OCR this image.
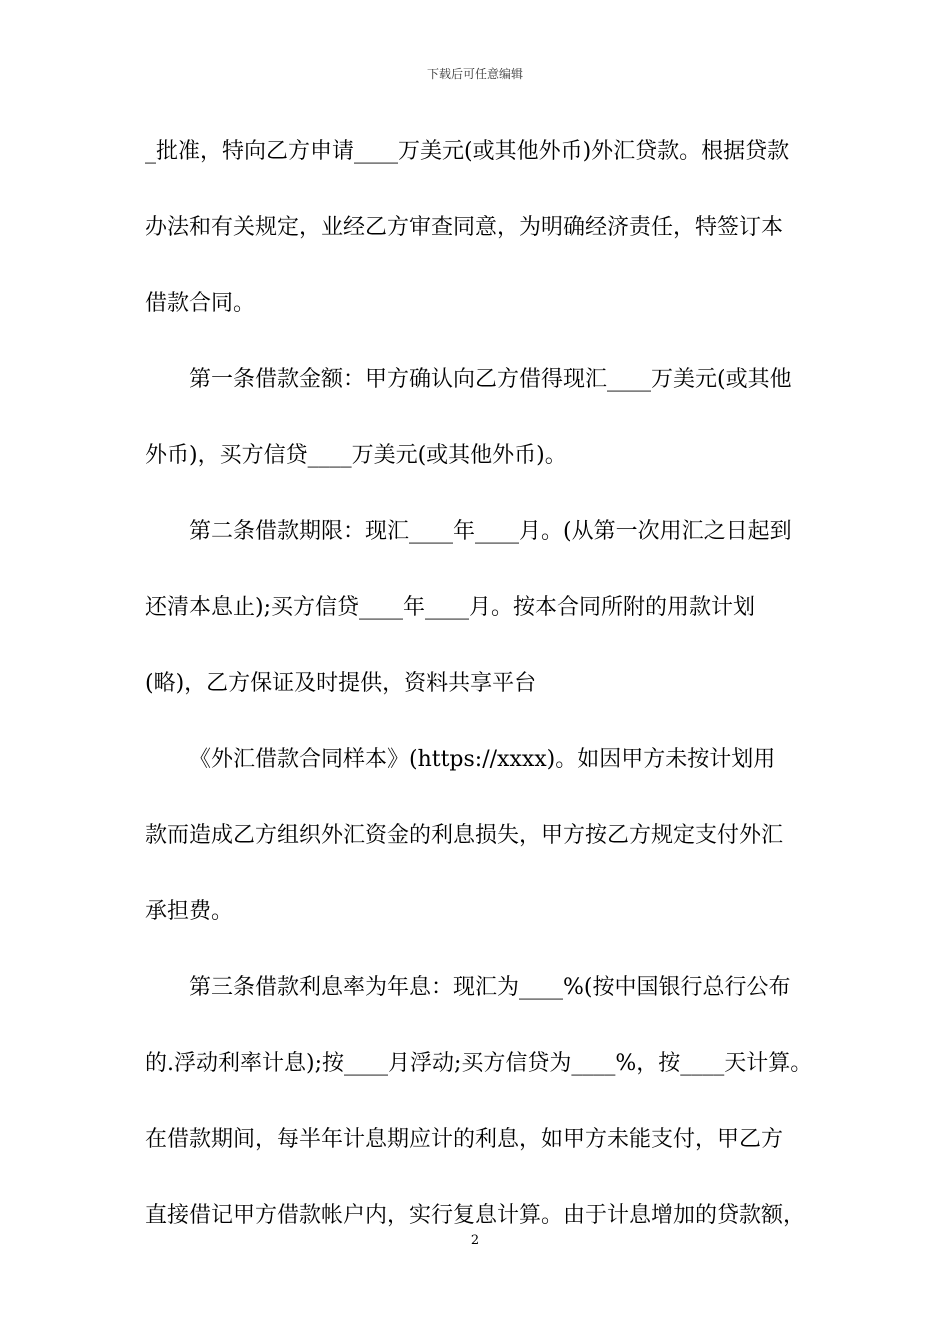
下载后可任意编辑
_批准，特向乙方申请____万美元(或其他外币)外汇贷款。根据贷款
办法和有关规定，业经乙方审查同意，为明确经济责任，特签订本
借款合同。
第一条借款金额：甲方确认向乙方借得现汇____万美元(或其他
外币)，买方信贷____万美元(或其他外币)。
第二条借款期限：现汇____年____月。(从第一次用汇之日起到
还清本息止);买方信贷____年____月。按本合同所附的用款计划
(略)，乙方保证及时提供，资料共享平台
《外汇借款合同样本》(https://xxxx)。如因甲方未按计划用
款而造成乙方组织外汇资金的利息损失，甲方按乙方规定支付外汇
承担费。
第三条借款利息率为年息：现汇为____%(按中国银行总行公布
的.浮动利率计息);按____月浮动;买方信贷为____%，按____天计算。
在借款期间，每半年计息期应计的利息，如甲方未能支付，甲乙方
直接借记甲方借款帐户内，实行复息计算。由于计息增加的贷款额，
2
